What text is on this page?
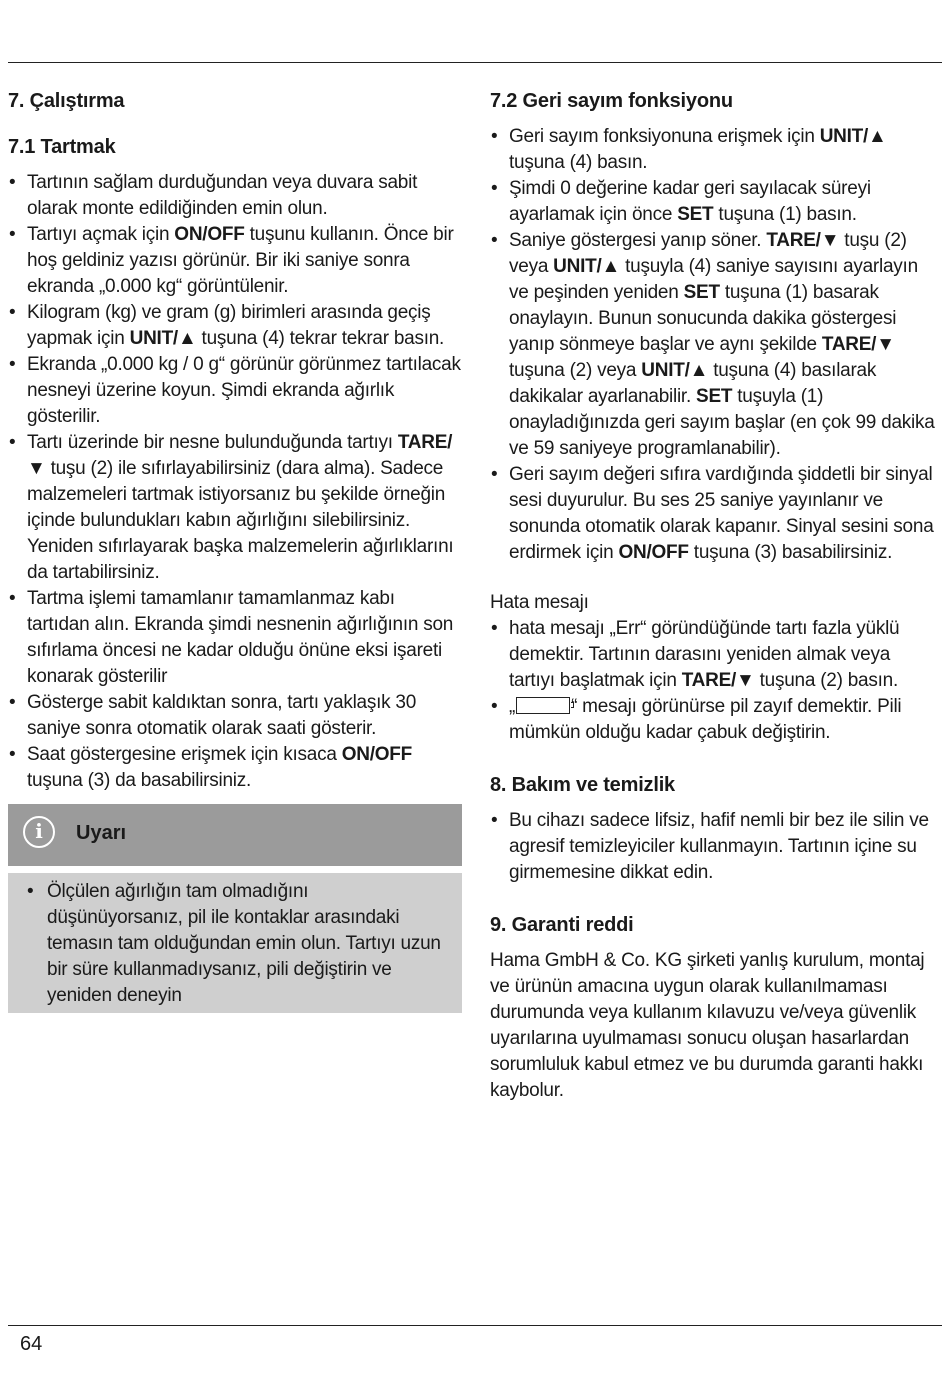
7. Çalıştırma
7.1 Tartmak
• Tartının sağlam durduğundan veya duvara sabit olarak monte edildiğinden emin olun.
• Tartıyı açmak için ON/OFF tuşunu kullanın. Önce bir hoş geldiniz yazısı görünür. Bir iki saniye sonra ekranda „0.000 kg“ görüntülenir.
• Kilogram (kg) ve gram (g) birimleri arasında geçiş yapmak için UNIT/▲ tuşuna (4) tekrar tekrar basın.
• Ekranda „0.000 kg / 0 g“ görünür görünmez tartılacak nesneyi üzerine koyun. Şimdi ekranda ağırlık gösterilir.
• Tartı üzerinde bir nesne bulunduğunda tartıyı TARE/▼ tuşu (2) ile sıfırlayabilirsiniz (dara alma). Sadece malzemeleri tartmak istiyorsanız bu şekilde örneğin içinde bulundukları kabın ağırlığını silebilirsiniz. Yeniden sıfırlayarak başka malzemelerin ağırlıklarını da tartabilirsiniz.
• Tartma işlemi tamamlanır tamamlanmaz kabı tartıdan alın. Ekranda şimdi nesnenin ağırlığının son sıfırlama öncesi ne kadar olduğu önüne eksi işareti konarak gösterilir
• Gösterge sabit kaldıktan sonra, tartı yaklaşık 30 saniye sonra otomatik olarak saati gösterir.
• Saat göstergesine erişmek için kısaca ON/OFF tuşuna (3) da basabilirsiniz.
i	Uyarı
• Ölçülen ağırlığın tam olmadığını düşünüyorsanız, pil ile kontaklar arasındaki temasın tam olduğundan emin olun. Tartıyı uzun bir süre kullanmadıysanız, pili değiştirin ve yeniden deneyin
7.2 Geri sayım fonksiyonu
• Geri sayım fonksiyonuna erişmek için UNIT/▲ tuşuna (4) basın.
• Şimdi 0 değerine kadar geri sayılacak süreyi ayarlamak için önce SET tuşuna (1) basın.
• Saniye göstergesi yanıp söner. TARE/▼ tuşu (2) veya UNIT/▲ tuşuyla (4) saniye sayısını ayarlayın ve peşinden yeniden SET tuşuna (1) basarak onaylayın. Bunun sonucunda dakika göstergesi yanıp sönmeye başlar ve aynı şekilde TARE/▼ tuşuna (2) veya UNIT/▲ tuşuna (4) basılarak dakikalar ayarlanabilir. SET tuşuyla (1) onayladığınızda geri sayım başlar (en çok 99 dakika ve 59 saniyeye programlanabilir).
• Geri sayım değeri sıfıra vardığında şiddetli bir sinyal sesi duyurulur. Bu ses 25 saniye yayınlanır ve sonunda otomatik olarak kapanır. Sinyal sesini sona erdirmek için ON/OFF tuşuna (3) basabilirsiniz.

Hata mesajı

• hata mesajı „Err“ göründüğünde tartı fazla yüklü demektir. Tartının darasını yeniden almak veya tartıyı başlatmak için TARE/▼ tuşuna (2) basın.
• „	“ mesajı görünürse pil zayıf demektir. Pili mümkün olduğu kadar çabuk değiştirin.
8. Bakım ve temizlik
• Bu cihazı sadece lifsiz, hafif nemli bir bez ile silin ve agresif temizleyiciler kullanmayın. Tartının içine su girmemesine dikkat edin.
9. Garanti reddi

Hama GmbH & Co. KG şirketi yanlış kurulum, montaj ve ürünün amacına uygun olarak kullanılmaması durumunda veya kullanım kılavuzu ve/veya güvenlik uyarılarına uyulmaması sonucu oluşan hasarlardan sorumluluk kabul etmez ve bu durumda garanti hakkı kaybolur.

64
